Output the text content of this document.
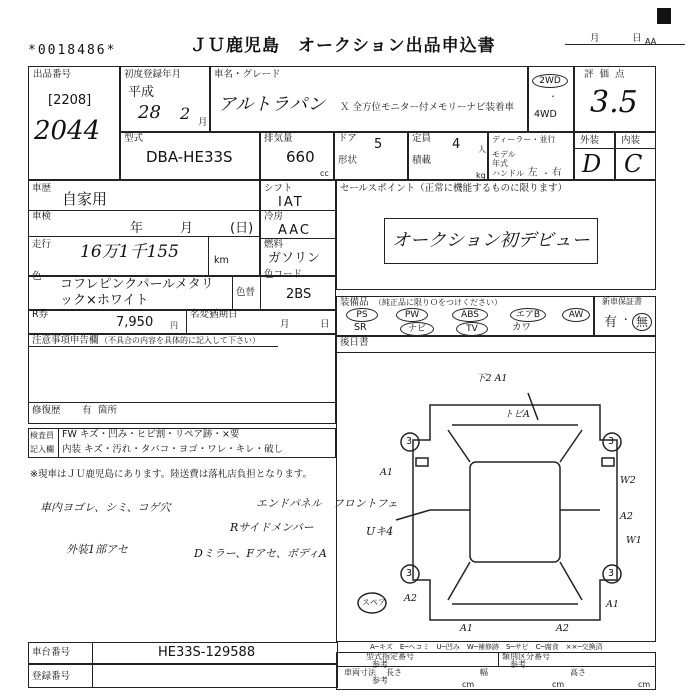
*0018486*	ＪＵ鹿児島　オークション出品申込書	月	日 AA
出品番号
[2208]
2044
初度登録年月
平成
28 2 月
車名・グレード
アルトラパン Ｘ 全方位モニター付メモリーナビ装着車
2WD
・
4WD
評価点
3.5
型式
DBA-HE33S
排気量
660
cc
ドア 5
形状
定員 4 人
積載
kg
ディーラー・並行
モデル年式
ハンドル 左 ・ 右
外装
D
内装
C
車歴
自家用
車検
年	月	(日)
走行 16万1千155	km
シフト
IAT
冷房
AAC
燃料
ガソリン
セールスポイント（正常に機能するものに限ります）
オークション初デビュー
色
コフレピンクパールメタリ
ック×ホワイト
色替
色コード
2BS
R券
7,950 円
名変猶期日
月	日
装備品 （純正品に限りＯをつけください）
PS	PW	ABS	エアB	AW
SR	ナビ	TV	カワ
新車保証書
有 ・ 無
注意事項申告欄 （不具合の内容を具体的に記入して下さい）
修復歴 有 箇所
後日書
検査員
記入欄
FW キズ・凹み・ヒビ割・リペア跡・×要
内装 キズ・汚れ・タバコ・ヨゴ・ワレ・キレ・破し
※現車はＪＵ鹿児島にあります。陸送費は落札店負担となります。
車内ヨゴレ、シミ、コゲ穴	エンドパネル　フロントフェ
Rサイドメンバー
外装1部アセ	Dミラー、Fアセ、ボディA
Uキ4
下2 A1
トビA
A1
W2
A2
W1
A2
A1	A2
A1
3	3
3	3
スペア
A─キズ　E─ヘコミ　U─凹み　W─補修跡　S─サビ　C─腐食　××─交換済
車台番号	HE33S-129588
登録番号
型式指定番号
参考
類別区分番号
参考
車両寸法
参考
長さ
cm
幅
cm
高さ
cm
